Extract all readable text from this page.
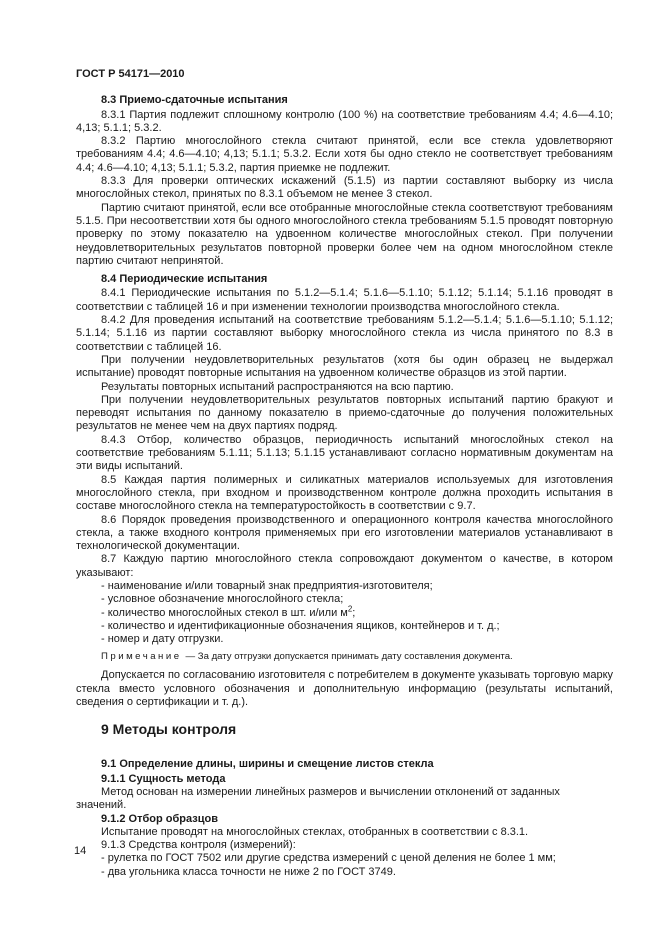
ГОСТ Р 54171—2010

8.3 Приемо-сдаточные испытания

8.3.1 Партия подлежит сплошному контролю (100 %) на соответствие требованиям 4.4; 4.6—4.10; 4,13; 5.1.1; 5.3.2.

8.3.2 Партию многослойного стекла считают принятой, если все стекла удовлетворяют требованиям 4.4; 4.6—4.10; 4,13; 5.1.1; 5.3.2. Если хотя бы одно стекло не соответствует требованиям 4.4; 4.6—4.10; 4,13; 5.1.1; 5.3.2, партия приемке не подлежит.

8.3.3 Для проверки оптических искажений (5.1.5) из партии составляют выборку из числа многослойных стекол, принятых по 8.3.1 объемом не менее 3 стекол.

Партию считают принятой, если все отобранные многослойные стекла соответствуют требованиям 5.1.5. При несоответствии хотя бы одного многослойного стекла требованиям 5.1.5 проводят повторную проверку по этому показателю на удвоенном количестве многослойных стекол. При получении неудовлетворительных результатов повторной проверки более чем на одном многослойном стекле партию считают непринятой.

8.4 Периодические испытания

8.4.1 Периодические испытания по 5.1.2—5.1.4; 5.1.6—5.1.10; 5.1.12; 5.1.14; 5.1.16 проводят в соответствии с таблицей 16 и при изменении технологии производства многослойного стекла.

8.4.2 Для проведения испытаний на соответствие требованиям 5.1.2—5.1.4; 5.1.6—5.1.10; 5.1.12; 5.1.14; 5.1.16 из партии составляют выборку многослойного стекла из числа принятого по 8.3 в соответствии с таблицей 16.

При получении неудовлетворительных результатов (хотя бы один образец не выдержал испытание) проводят повторные испытания на удвоенном количестве образцов из этой партии.

Результаты повторных испытаний распространяются на всю партию.

При получении неудовлетворительных результатов повторных испытаний партию бракуют и переводят испытания по данному показателю в приемо-сдаточные до получения положительных результатов не менее чем на двух партиях подряд.

8.4.3 Отбор, количество образцов, периодичность испытаний многослойных стекол на соответствие требованиям 5.1.11; 5.1.13; 5.1.15 устанавливают согласно нормативным документам на эти виды испытаний.

8.5 Каждая партия полимерных и силикатных материалов используемых для изготовления многослойного стекла, при входном и производственном контроле должна проходить испытания в составе многослойного стекла на температуростойкость в соответствии с 9.7.

8.6 Порядок проведения производственного и операционного контроля качества многослойного стекла, а также входного контроля применяемых при его изготовлении материалов устанавливают в технологической документации.

8.7 Каждую партию многослойного стекла сопровождают документом о качестве, в котором указывают:

- наименование и/или товарный знак предприятия-изготовителя;

- условное обозначение многослойного стекла;

- количество многослойных стекол в шт. и/или $м^2$;

- количество и идентификационные обозначения ящиков, контейнеров и т. д.;

- номер и дату отгрузки.

Примечание — За дату отгрузки допускается принимать дату составления документа.

Допускается по согласованию изготовителя с потребителем в документе указывать торговую марку стекла вместо условного обозначения и дополнительную информацию (результаты испытаний, сведения о сертификации и т. д.).

9 Методы контроля

9.1 Определение длины, ширины и смещение листов стекла

9.1.1 Сущность метода

Метод основан на измерении линейных размеров и вычислении отклонений от заданных значений.

9.1.2 Отбор образцов

Испытание проводят на многослойных стеклах, отобранных в соответствии с 8.3.1.

9.1.3 Средства контроля (измерений):

- рулетка по ГОСТ 7502 или другие средства измерений с ценой деления не более 1 мм;

- два угольника класса точности не ниже 2 по ГОСТ 3749.

14
